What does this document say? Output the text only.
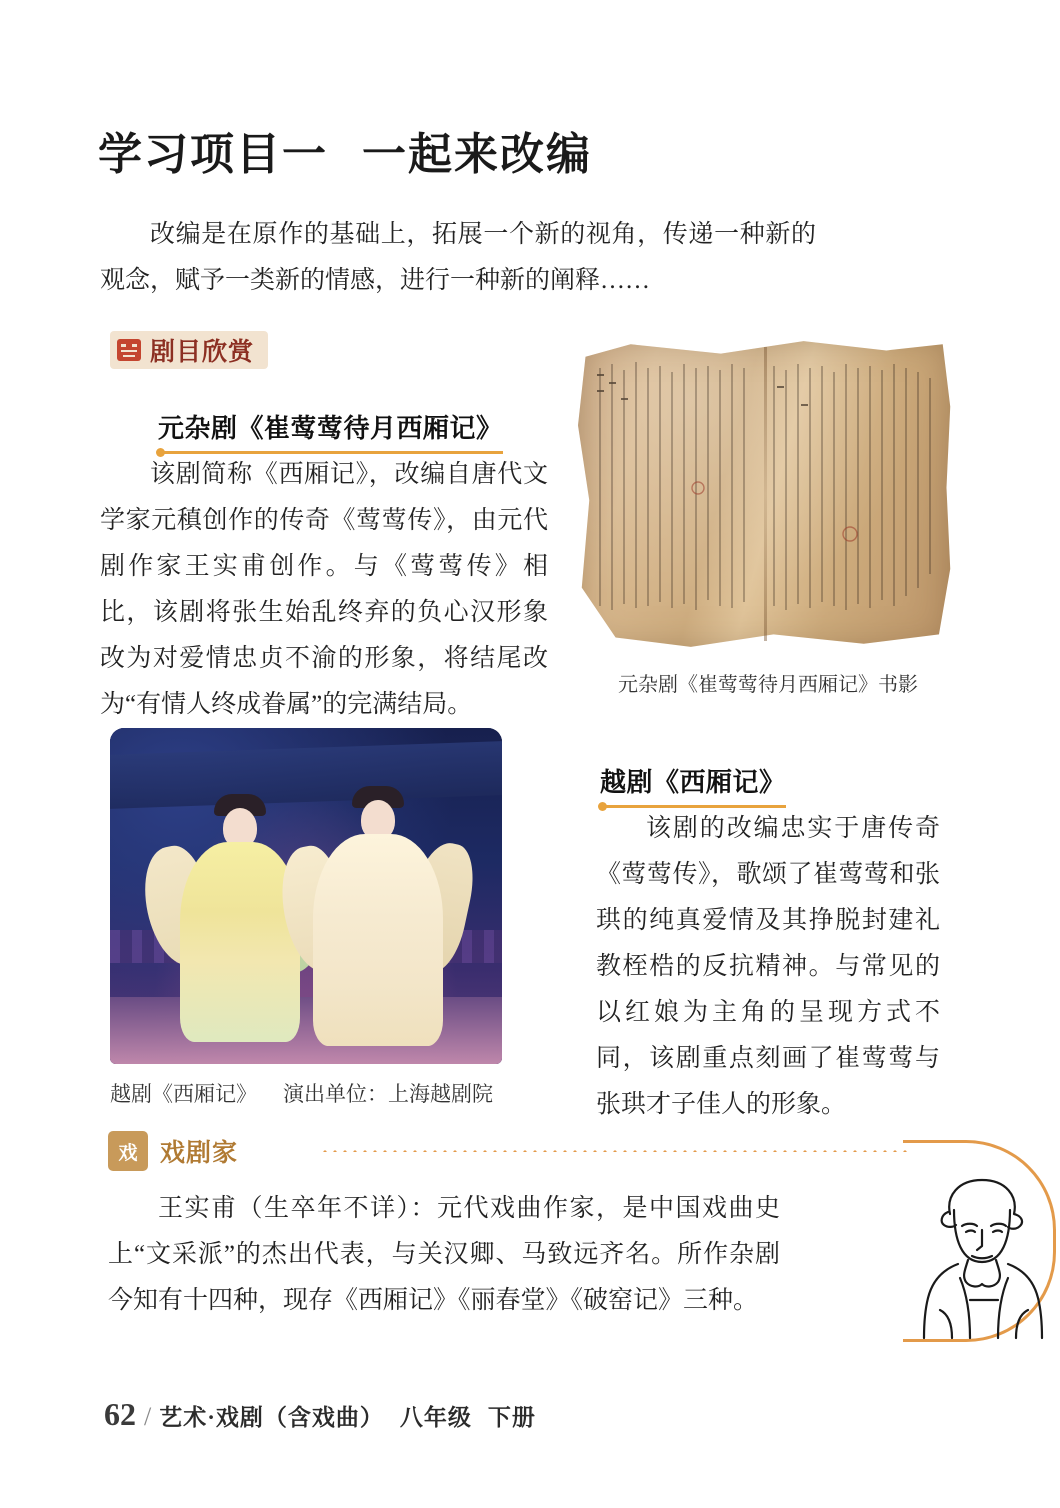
学习项目一 一起来改编
改编是在原作的基础上，拓展一个新的视角，传递一种新的观念，赋予一类新的情感，进行一种新的阐释……
剧目欣赏
元杂剧《崔莺莺待月西厢记》
该剧简称《西厢记》，改编自唐代文学家元稹创作的传奇《莺莺传》，由元代剧作家王实甫创作。与《莺莺传》相比，该剧将张生始乱终弃的负心汉形象改为对爱情忠贞不渝的形象，将结尾改为“有情人终成眷属”的完满结局。
元杂剧《崔莺莺待月西厢记》书影
越剧《西厢记》
该剧的改编忠实于唐传奇《莺莺传》，歌颂了崔莺莺和张珙的纯真爱情及其挣脱封建礼教桎梏的反抗精神。与常见的以红娘为主角的呈现方式不同，该剧重点刻画了崔莺莺与张珙才子佳人的形象。
越剧《西厢记》 演出单位：上海越剧院
戏 戏剧家
王实甫（生卒年不详）：元代戏曲作家，是中国戏曲史上“文采派”的杰出代表，与关汉卿、马致远齐名。所作杂剧今知有十四种，现存《西厢记》《丽春堂》《破窑记》三种。
62 / 艺术·戏剧（含戏曲） 八年级 下册
